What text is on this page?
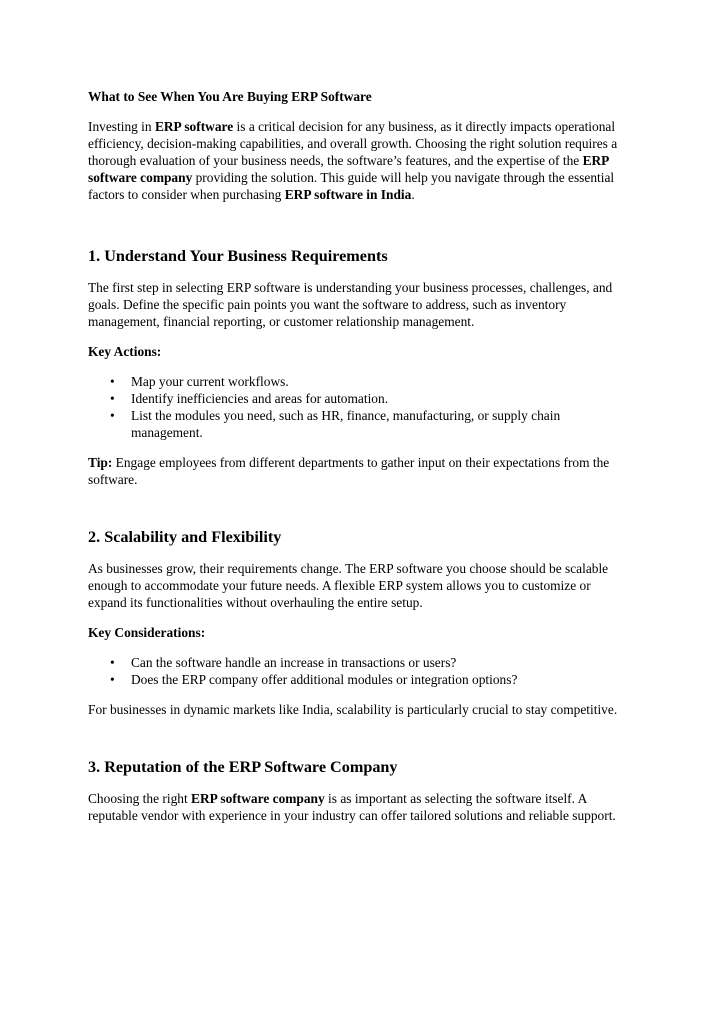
What to See When You Are Buying ERP Software

Investing in ERP software is a critical decision for any business, as it directly impacts operational efficiency, decision-making capabilities, and overall growth. Choosing the right solution requires a thorough evaluation of your business needs, the software’s features, and the expertise of the ERP software company providing the solution. This guide will help you navigate through the essential factors to consider when purchasing ERP software in India.

1. Understand Your Business Requirements

The first step in selecting ERP software is understanding your business processes, challenges, and goals. Define the specific pain points you want the software to address, such as inventory management, financial reporting, or customer relationship management.

Key Actions:

• Map your current workflows.
• Identify inefficiencies and areas for automation.
• List the modules you need, such as HR, finance, manufacturing, or supply chain management.

Tip: Engage employees from different departments to gather input on their expectations from the software.

2. Scalability and Flexibility

As businesses grow, their requirements change. The ERP software you choose should be scalable enough to accommodate your future needs. A flexible ERP system allows you to customize or expand its functionalities without overhauling the entire setup.

Key Considerations:

• Can the software handle an increase in transactions or users?
• Does the ERP company offer additional modules or integration options?

For businesses in dynamic markets like India, scalability is particularly crucial to stay competitive.

3. Reputation of the ERP Software Company

Choosing the right ERP software company is as important as selecting the software itself. A reputable vendor with experience in your industry can offer tailored solutions and reliable support.
